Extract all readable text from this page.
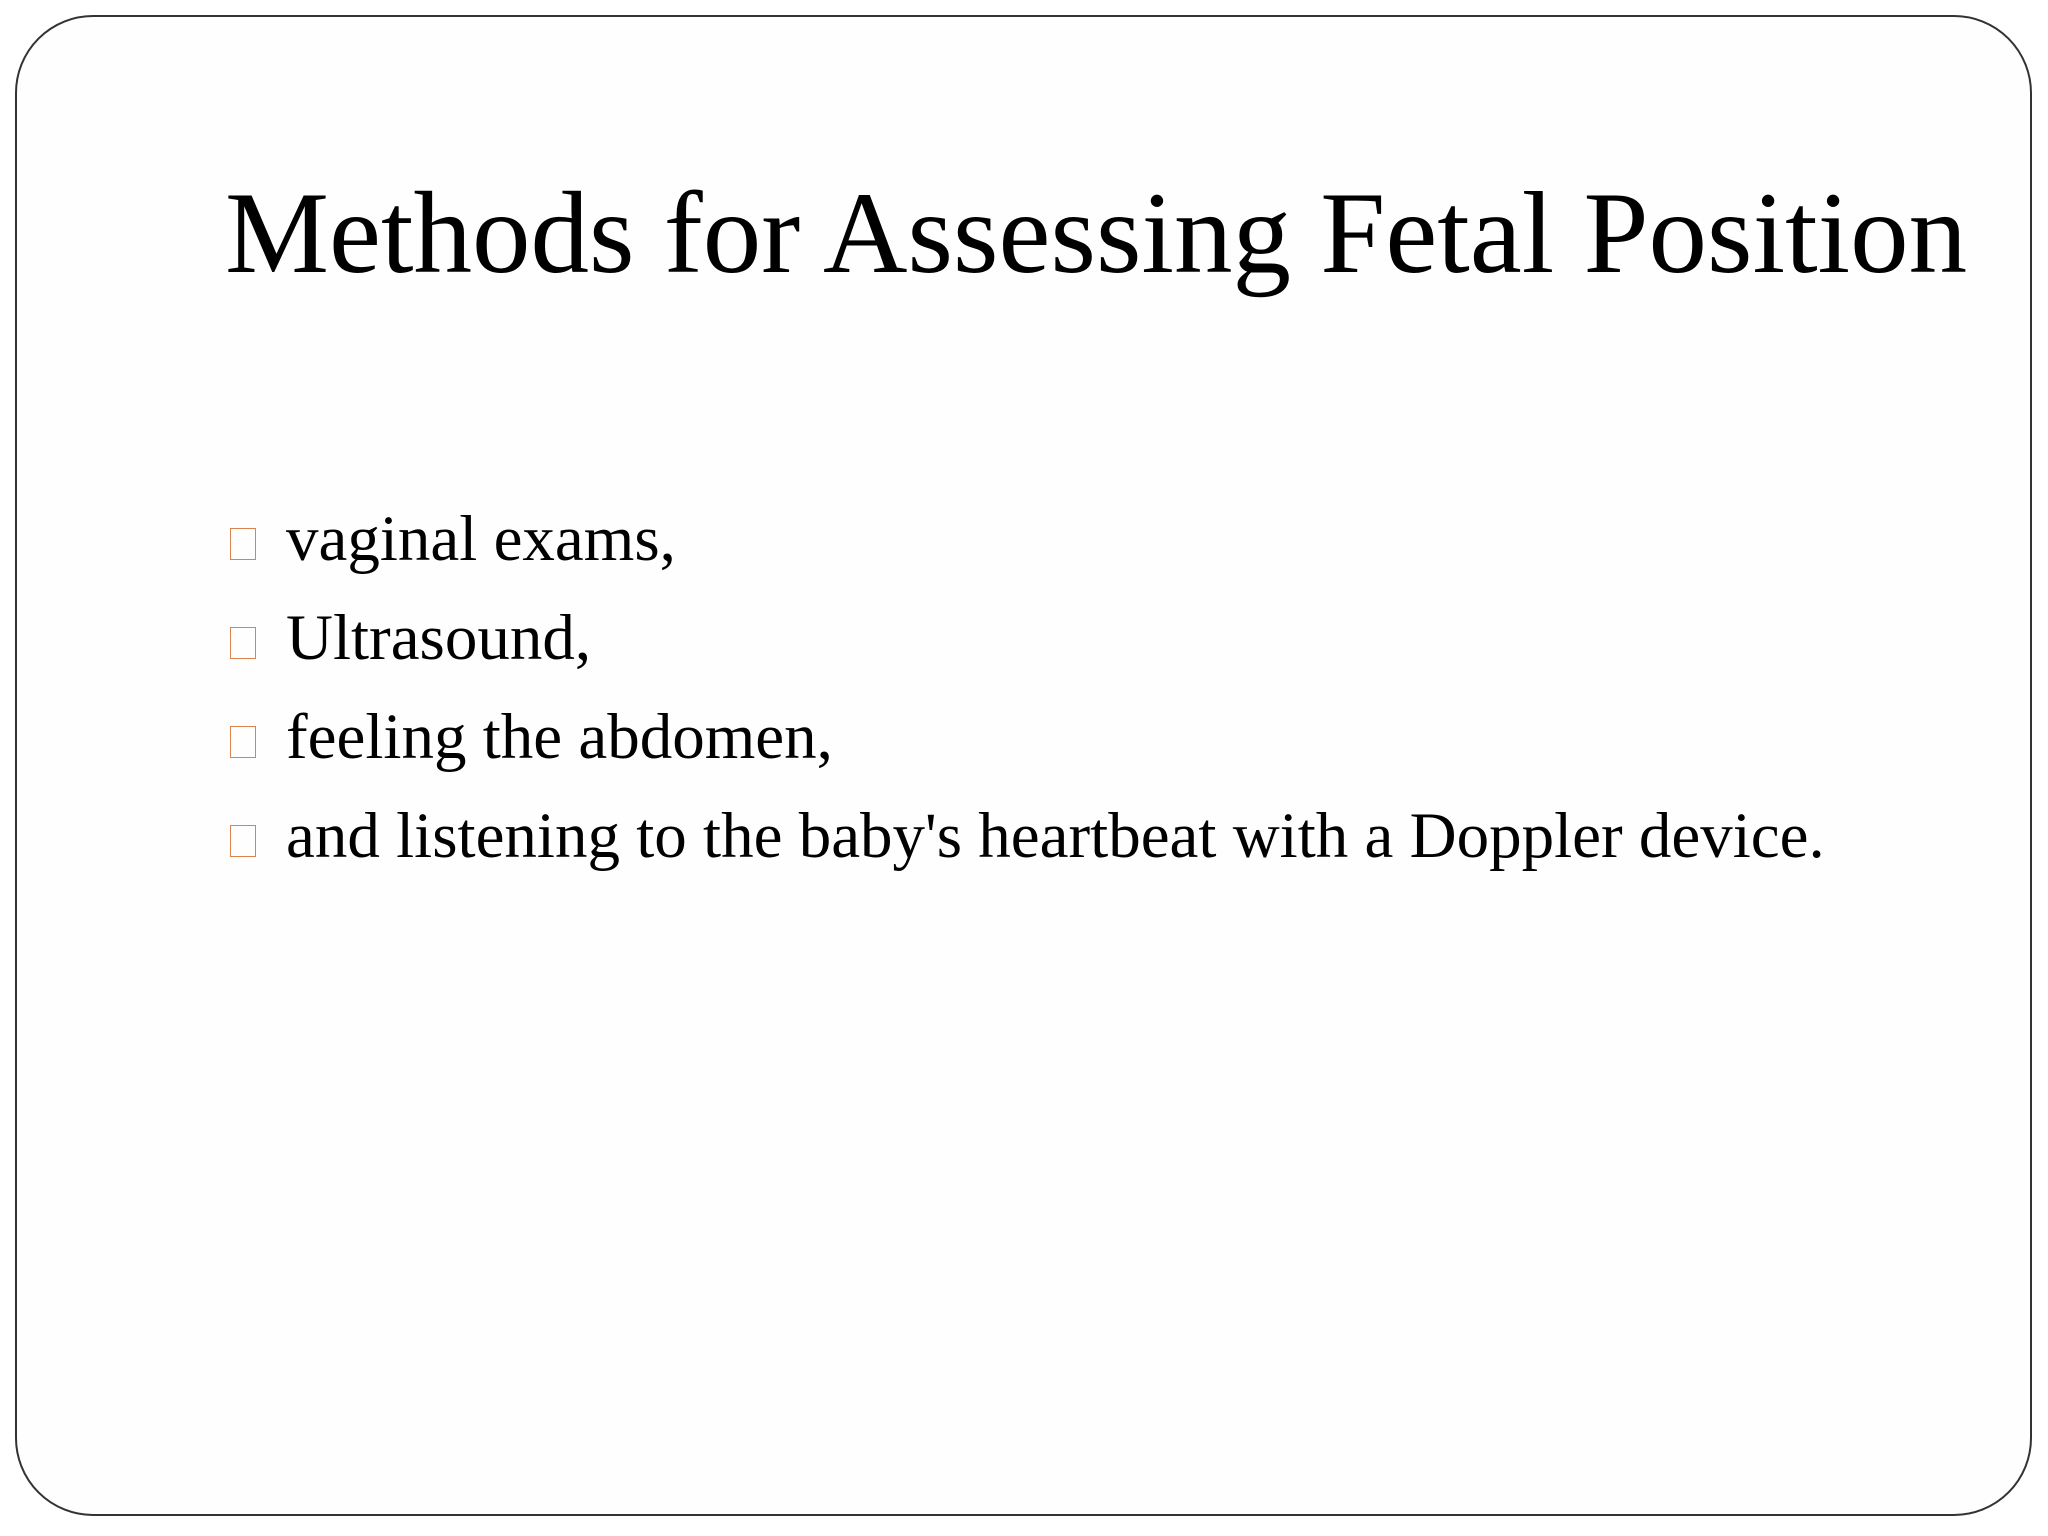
Methods for Assessing Fetal Position
vaginal exams,
Ultrasound,
feeling the abdomen,
and listening to the baby's heartbeat with a Doppler device.
